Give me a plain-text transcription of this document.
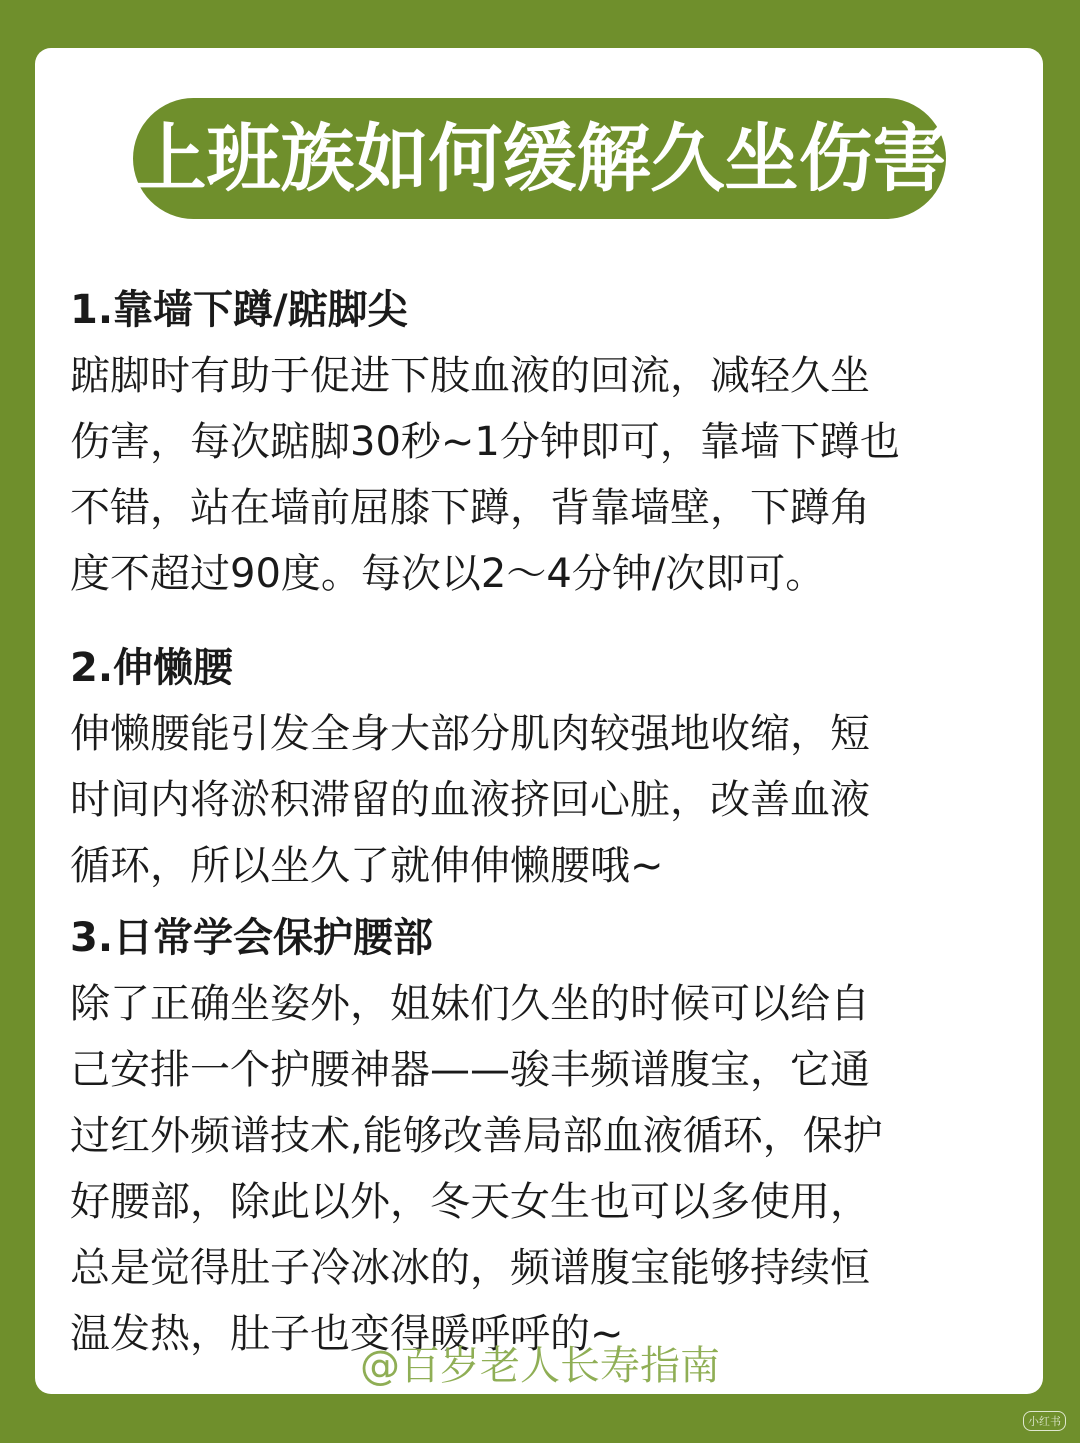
上班族如何缓解久坐伤害

1.靠墙下蹲/踮脚尖

踮脚时有助于促进下肢血液的回流，减轻久坐

伤害，每次踮脚30秒~1分钟即可，靠墙下蹲也

不错，站在墙前屈膝下蹲，背靠墙壁，下蹲角

度不超过90度。每次以2～4分钟/次即可。

2.伸懒腰

伸懒腰能引发全身大部分肌肉较强地收缩，短

时间内将淤积滞留的血液挤回心脏，改善血液

循环，所以坐久了就伸伸懒腰哦~

3.日常学会保护腰部

除了正确坐姿外，姐妹们久坐的时候可以给自

己安排一个护腰神器——骏丰频谱腹宝，它通

过红外频谱技术,能够改善局部血液循环，保护

好腰部，除此以外，冬天女生也可以多使用，

总是觉得肚子冷冰冰的，频谱腹宝能够持续恒

温发热，肚子也变得暖呼呼的~

@百岁老人长寿指南
小红书
